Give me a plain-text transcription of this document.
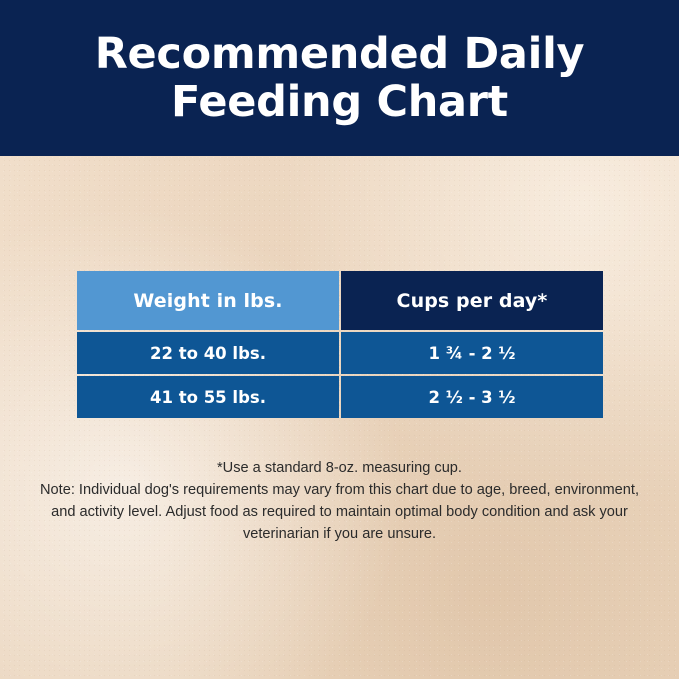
Recommended Daily Feeding Chart
Weight in lbs.	Cups per day*
22 to 40 lbs.	1 ¾ - 2 ½
41 to 55 lbs.	2 ½ - 3 ½
*Use a standard 8-oz. measuring cup.
Note: Individual dog's requirements may vary from this chart due to age, breed, environment, and activity level. Adjust food as required to maintain optimal body condition and ask your veterinarian if you are unsure.
